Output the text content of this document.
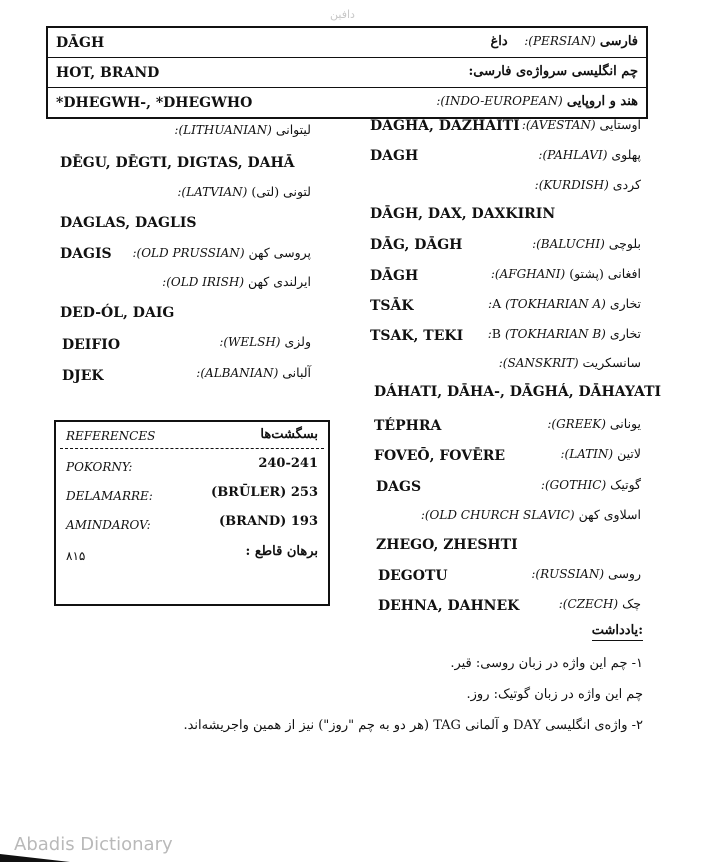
دافین
DĀGH	فارسی (PERSIAN):    داغ
HOT, BRAND	چم انگلیسی سرواژه‌ی فارسی:
*DHEGWH-, *DHEGWHO	هند و اروپایی (INDO-EUROPEAN):
DAGHA, DAZHAITI	اوستایی (AVESTAN):
DAGH	پهلوی (PAHLAVI):
کردی (KURDISH):
DĀGH, DAX, DAXKIRIN
DĀG, DĀGH	بلوچی (BALUCHI):
DĀGH	افغانی (پشتو) (AFGHANI):
TSĀK	تخاری A (TOKHARIAN A):
TSAK, TEKI	تخاری B (TOKHARIAN B):
سانسکریت (SANSKRIT):
DÁHATI, DĀHA-, DĀGHÁ, DĀHAYATI
TÉPHRA	یونانی (GREEK):
FOVEŌ, FOVĒRE	لاتین (LATIN):
DAGS	گوتیک (GOTHIC):
اسلاوی کهن (OLD CHURCH SLAVIC):
ZHEGO, ZHESHTI
DEGOTU	روسی (RUSSIAN):
DEHNA, DAHNEK	چک (CZECH):
لیتوانی (LITHUANIAN):
DĒGU, DĒGTI, DIGTAS, DAHĀ
لتونی (لتی) (LATVIAN):
DAGLAS, DAGLIS
DAGIS	پروسی کهن (OLD PRUSSIAN):
ایرلندی کهن (OLD IRISH):
DED-ÓL, DAIG
DEIFIO	ولزی (WELSH):
DJEK	آلبانی (ALBANIAN):
REFERENCES	بسگشت‌ها
POKORNY:	240-241
DELAMARRE:	(BRŪLER) 253
AMINDAROV:	(BRAND) 193
۸۱۵	برهان قاطع :
یادداشت:
۱- چم این واژه در زبان روسی: قیر.
چم این واژه در زبان گوتیک: روز.
۲- واژه‌ی انگلیسی DAY و آلمانی TAG (هر دو به چم "روز") نیز از همین واجریشه‌اند.
Abadis Dictionary
